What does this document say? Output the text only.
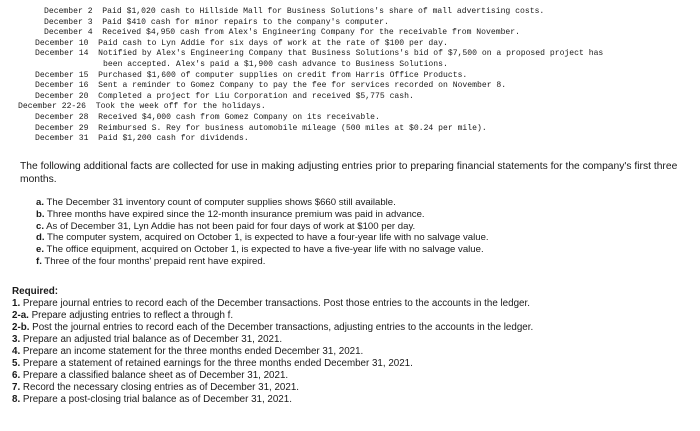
December 2 Paid $1,020 cash to Hillside Mall for Business Solutions's share of mall advertising costs.
December 3 Paid $410 cash for minor repairs to the company's computer.
December 4 Received $4,950 cash from Alex's Engineering Company for the receivable from November.
December 10 Paid cash to Lyn Addie for six days of work at the rate of $100 per day.
December 14 Notified by Alex's Engineering Company that Business Solutions's bid of $7,500 on a proposed project has
been accepted. Alex's paid a $1,900 cash advance to Business Solutions.
December 15 Purchased $1,600 of computer supplies on credit from Harris Office Products.
December 16 Sent a reminder to Gomez Company to pay the fee for services recorded on November 8.
December 20 Completed a project for Liu Corporation and received $5,775 cash.
December 22-26 Took the week off for the holidays.
December 28 Received $4,000 cash from Gomez Company on its receivable.
December 29 Reimbursed S. Rey for business automobile mileage (500 miles at $0.24 per mile).
December 31 Paid $1,200 cash for dividends.
The following additional facts are collected for use in making adjusting entries prior to preparing financial statements for the company's first three months.
a. The December 31 inventory count of computer supplies shows $660 still available.
b. Three months have expired since the 12-month insurance premium was paid in advance.
c. As of December 31, Lyn Addie has not been paid for four days of work at $100 per day.
d. The computer system, acquired on October 1, is expected to have a four-year life with no salvage value.
e. The office equipment, acquired on October 1, is expected to have a five-year life with no salvage value.
f. Three of the four months' prepaid rent have expired.
Required:
1. Prepare journal entries to record each of the December transactions. Post those entries to the accounts in the ledger.
2-a. Prepare adjusting entries to reflect a through f.
2-b. Post the journal entries to record each of the December transactions, adjusting entries to the accounts in the ledger.
3. Prepare an adjusted trial balance as of December 31, 2021.
4. Prepare an income statement for the three months ended December 31, 2021.
5. Prepare a statement of retained earnings for the three months ended December 31, 2021.
6. Prepare a classified balance sheet as of December 31, 2021.
7. Record the necessary closing entries as of December 31, 2021.
8. Prepare a post-closing trial balance as of December 31, 2021.
